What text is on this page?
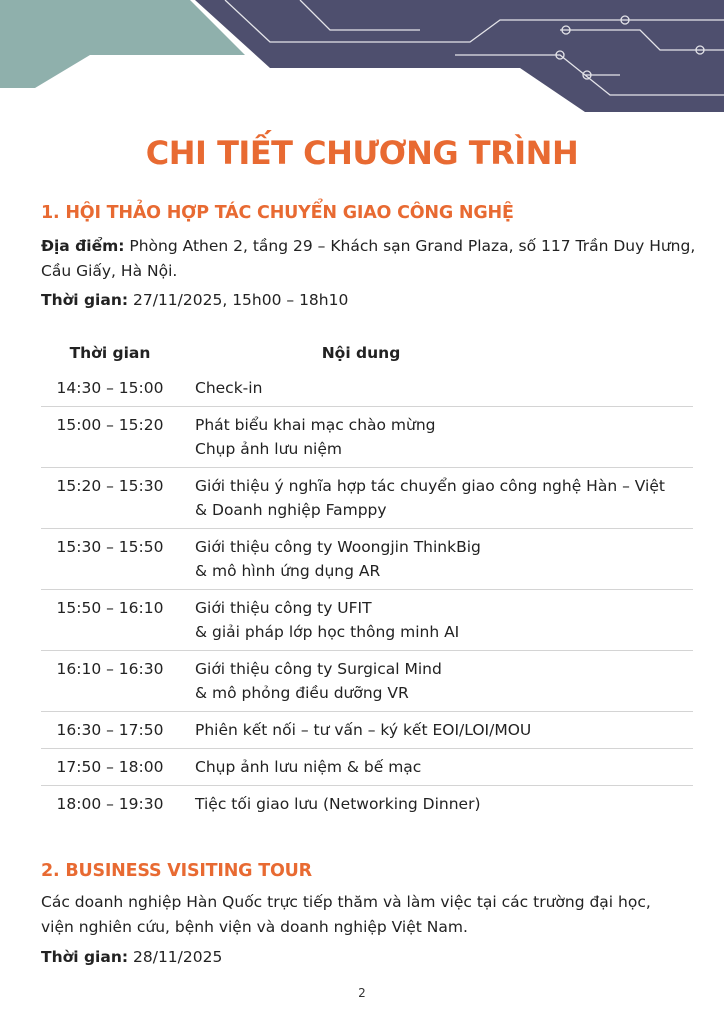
CHI TIẾT CHƯƠNG TRÌNH
1. HỘI THẢO HỢP TÁC CHUYỂN GIAO CÔNG NGHỆ

Địa điểm: Phòng Athen 2, tầng 29 – Khách sạn Grand Plaza, số 117 Trần Duy Hưng,
Cầu Giấy, Hà Nội.

Thời gian: 27/11/2025, 15h00 – 18h10

Thời gian	Nội dung
14:30 – 15:00	Check-in

15:00 – 15:20	Phát biểu khai mạc chào mừng
Chụp ảnh lưu niệm

15:20 – 15:30	Giới thiệu ý nghĩa hợp tác chuyển giao công nghệ Hàn – Việt
& Doanh nghiệp Famppy

15:30 – 15:50	Giới thiệu công ty Woongjin ThinkBig
& mô hình ứng dụng AR

15:50 – 16:10	Giới thiệu công ty UFIT
& giải pháp lớp học thông minh AI

16:10 – 16:30	Giới thiệu công ty Surgical Mind
& mô phỏng điều dưỡng VR

16:30 – 17:50	Phiên kết nối – tư vấn – ký kết EOI/LOI/MOU

17:50 – 18:00	Chụp ảnh lưu niệm & bế mạc

18:00 – 19:30	Tiệc tối giao lưu (Networking Dinner)
2. BUSINESS VISITING TOUR

Các doanh nghiệp Hàn Quốc trực tiếp thăm và làm việc tại các trường đại học,
viện nghiên cứu, bệnh viện và doanh nghiệp Việt Nam.

Thời gian: 28/11/2025

2
